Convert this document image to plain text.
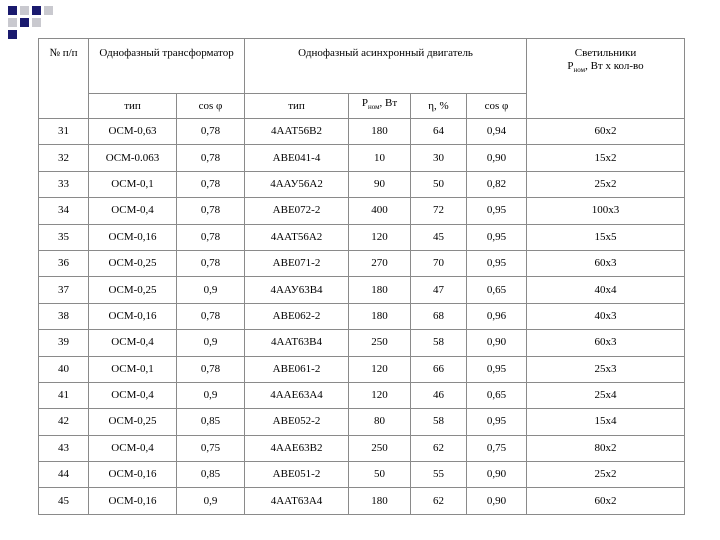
№ п/п	Однофазный трансформатор		Однофазный асинхронный двигатель				Светильники
$P_{ном}$, Вт х кол-во
	тип	cos φ	тип	$P_{ном}$, Вт	η, %	cos φ	
31	ОСМ-0,63	0,78	4ААТ56В2	180	64	0,94	60х2
32	ОСМ-0.063	0,78	АВЕ041-4	10	30	0,90	15х2
33	ОСМ-0,1	0,78	4ААУ56А2	90	50	0,82	25х2
34	ОСМ-0,4	0,78	АВЕ072-2	400	72	0,95	100х3
35	ОСМ-0,16	0,78	4ААТ56А2	120	45	0,95	15х5
36	ОСМ-0,25	0,78	АВЕ071-2	270	70	0,95	60х3
37	ОСМ-0,25	0,9	4ААУ63В4	180	47	0,65	40х4
38	ОСМ-0,16	0,78	АВЕ062-2	180	68	0,96	40х3
39	ОСМ-0,4	0,9	4ААТ63В4	250	58	0,90	60х3
40	ОСМ-0,1	0,78	АВЕ061-2	120	66	0,95	25х3
41	ОСМ-0,4	0,9	4ААЕ63А4	120	46	0,65	25х4
42	ОСМ-0,25	0,85	АВЕ052-2	80	58	0,95	15х4
43	ОСМ-0,4	0,75	4ААЕ63В2	250	62	0,75	80х2
44	ОСМ-0,16	0,85	АВЕ051-2	50	55	0,90	25х2
45	ОСМ-0,16	0,9	4ААТ63А4	180	62	0,90	60х2
